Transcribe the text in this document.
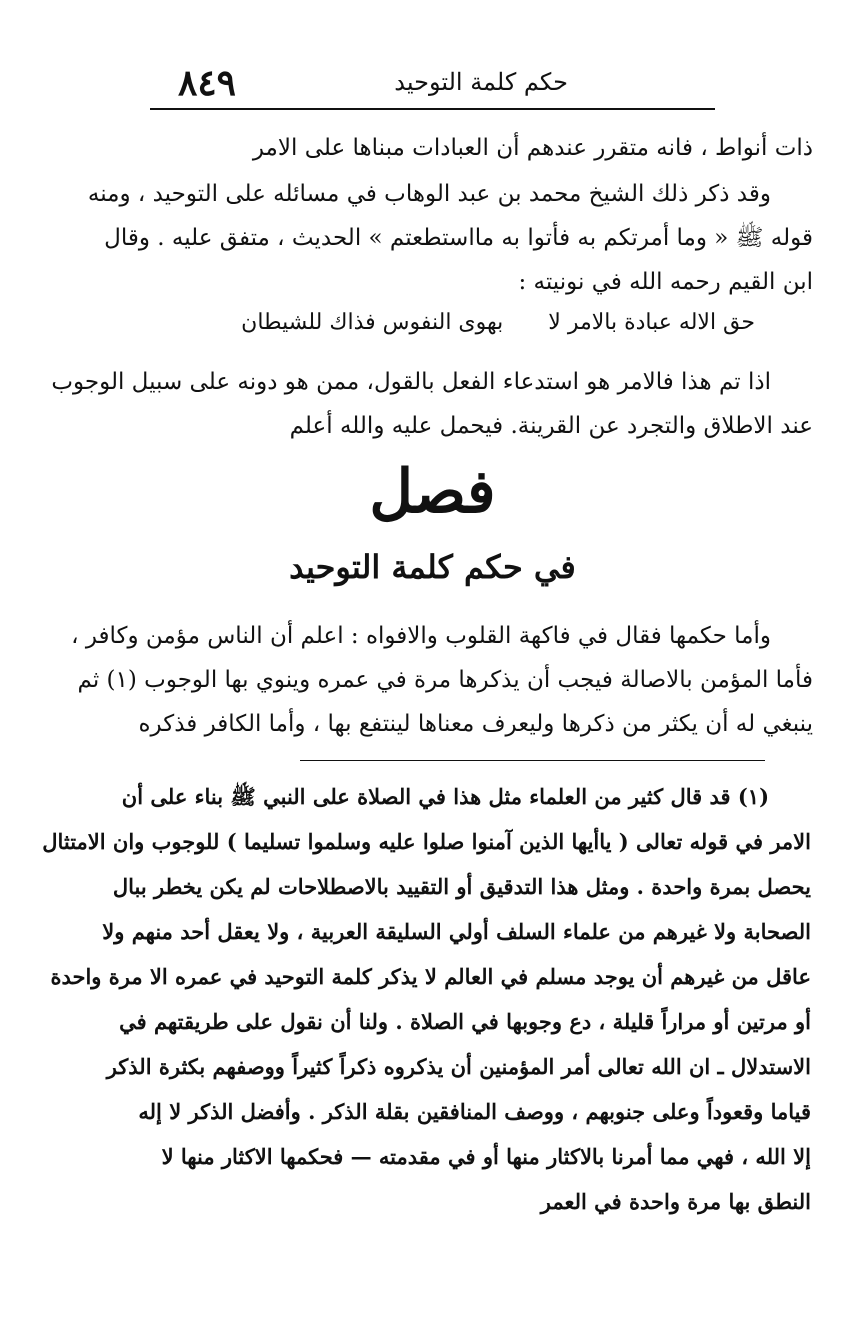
٨٤٩	حكم كلمة التوحيد
ذات أنواط ، فانه متقرر عندهم أن العبادات مبناها على الامر
وقد ذكر ذلك الشيخ محمد بن عبد الوهاب في مسائله على التوحيد ، ومنه
قوله ﷺ « وما أمرتكم به فأتوا به مااستطعتم » الحديث ، متفق عليه . وقال
ابن القيم رحمه الله في نونيته :
حق الاله عبادة بالامر لا بهوى النفوس فذاك للشيطان
اذا تم هذا فالامر هو استدعاء الفعل بالقول، ممن هو دونه على سبيل الوجوب
عند الاطلاق والتجرد عن القرينة. فيحمل عليه والله أعلم
فصل
في حكم كلمة التوحيد
وأما حكمها فقال في فاكهة القلوب والافواه : اعلم أن الناس مؤمن وكافر ،
فأما المؤمن بالاصالة فيجب أن يذكرها مرة في عمره وينوي بها الوجوب (١) ثم
ينبغي له أن يكثر من ذكرها وليعرف معناها لينتفع بها ، وأما الكافر فذكره
(١) قد قال كثير من العلماء مثل هذا في الصلاة على النبي ﷺ بناء على أن
الامر في قوله تعالى ( ياأيها الذين آمنوا صلوا عليه وسلموا تسليما ) للوجوب وان الامتثال
يحصل بمرة واحدة . ومثل هذا التدقيق أو التقييد بالاصطلاحات لم يكن يخطر ببال
الصحابة ولا غيرهم من علماء السلف أولي السليقة العربية ، ولا يعقل أحد منهم ولا
عاقل من غيرهم أن يوجد مسلم في العالم لا يذكر كلمة التوحيد في عمره الا مرة واحدة
أو مرتين أو مراراً قليلة ، دع وجوبها في الصلاة . ولنا أن نقول على طريقتهم في
الاستدلال ـ ان الله تعالى أمر المؤمنين أن يذكروه ذكراً كثيراً ووصفهم بكثرة الذكر
قياما وقعوداً وعلى جنوبهم ، ووصف المنافقين بقلة الذكر . وأفضل الذكر لا إله
إلا الله ، فهي مما أمرنا بالاكثار منها أو في مقدمته — فحكمها الاكثار منها لا
النطق بها مرة واحدة في العمر
